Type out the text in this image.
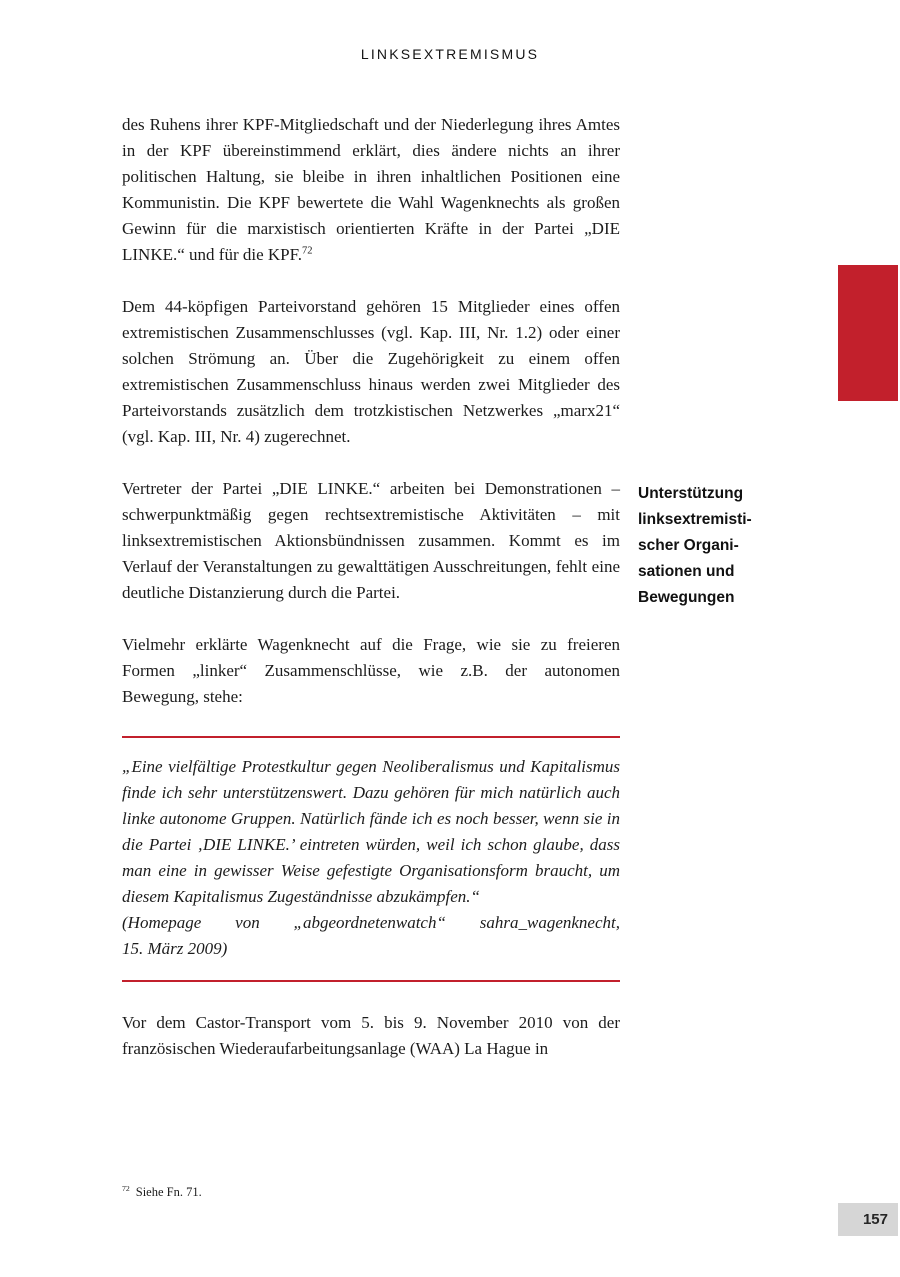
LINKSEXTREMISMUS

des Ruhens ihrer KPF-Mitgliedschaft und der Niederlegung ihres Amtes in der KPF übereinstimmend erklärt, dies ändere nichts an ihrer politischen Haltung, sie bleibe in ihren inhaltlichen Positionen eine Kommunistin. Die KPF bewertete die Wahl Wagenknechts als großen Gewinn für die marxistisch orientierten Kräfte in der Partei „DIE LINKE.“ und für die KPF.$^{72}$

Dem 44-köpfigen Parteivorstand gehören 15 Mitglieder eines offen extremistischen Zusammenschlusses (vgl. Kap. III, Nr. 1.2) oder einer solchen Strömung an. Über die Zugehörigkeit zu einem offen extremistischen Zusammenschluss hinaus werden zwei Mitglieder des Parteivorstands zusätzlich dem trotzkistischen Netzwerkes „marx21“ (vgl. Kap. III, Nr. 4) zugerechnet.

Vertreter der Partei „DIE LINKE.“ arbeiten bei Demonstrationen – schwerpunktmäßig gegen rechtsextremistische Aktivitäten – mit linksextremistischen Aktionsbündnissen zusammen. Kommt es im Verlauf der Veranstaltungen zu gewalttätigen Ausschreitungen, fehlt eine deutliche Distanzierung durch die Partei.

Vielmehr erklärte Wagenknecht auf die Frage, wie sie zu freieren Formen „linker“ Zusammenschlüsse, wie z.B. der autonomen Bewegung, stehe:

„Eine vielfältige Protestkultur gegen Neoliberalismus und Kapitalismus finde ich sehr unterstützenswert. Dazu gehören für mich natürlich auch linke autonome Gruppen. Natürlich fände ich es noch besser, wenn sie in die Partei ‚DIE LINKE.’ eintreten würden, weil ich schon glaube, dass man eine in gewisser Weise gefestigte Organisationsform braucht, um diesem Kapitalismus Zugeständnisse abzukämpfen.“

(Homepage von „abgeordnetenwatch“ sahra_wagenknecht,

15. März 2009)

Vor dem Castor-Transport vom 5. bis 9. November 2010 von der französischen Wiederaufarbeitungsanlage (WAA) La Hague in

Unterstützung
linksextremisti-
scher Organi-
sationen und
Bewegungen
$^{72}$ Siehe Fn. 71.
157
